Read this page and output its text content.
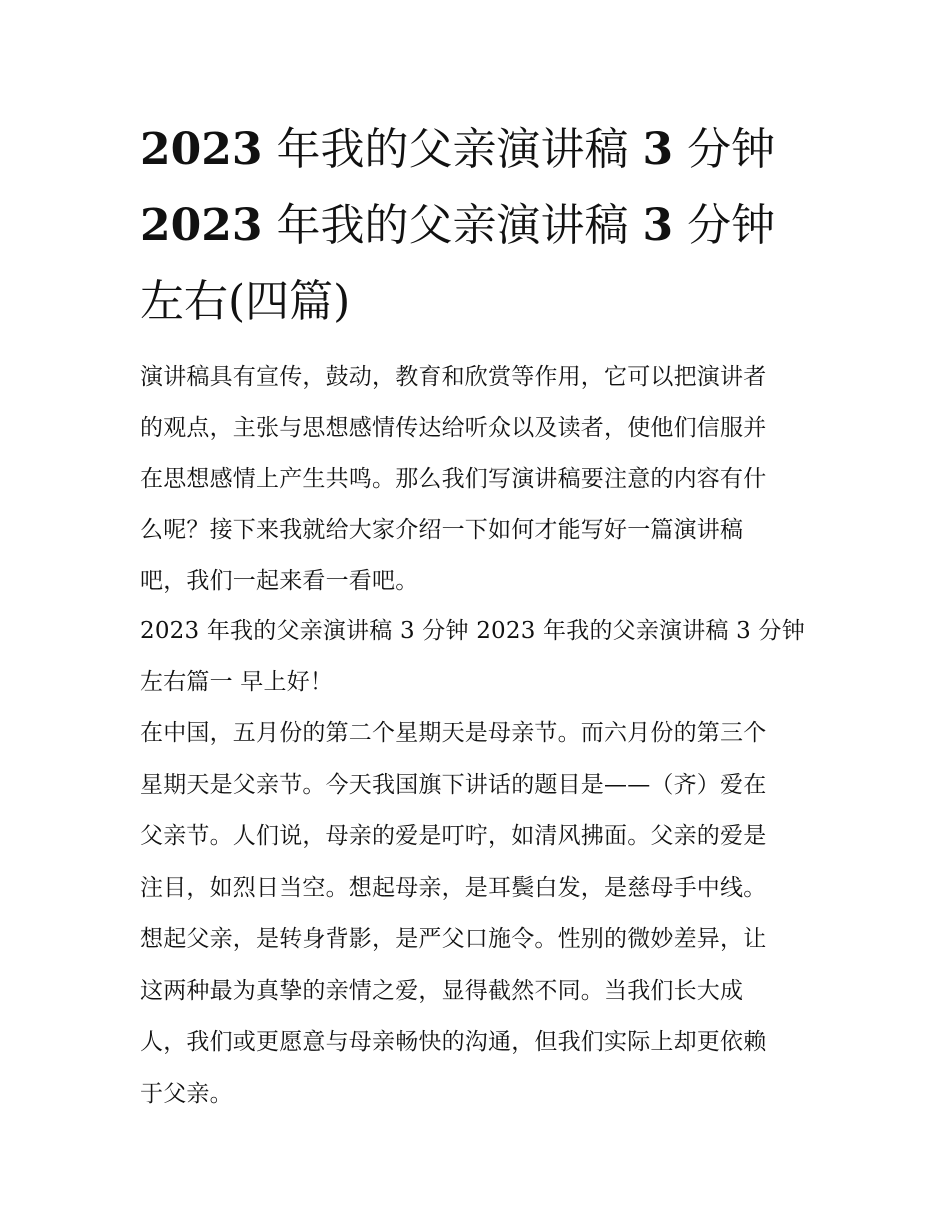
2023 年我的父亲演讲稿 3 分钟
2023 年我的父亲演讲稿 3 分钟
左右(四篇)
演讲稿具有宣传，鼓动，教育和欣赏等作用，它可以把演讲者
的观点，主张与思想感情传达给听众以及读者，使他们信服并
在思想感情上产生共鸣。那么我们写演讲稿要注意的内容有什
么呢？接下来我就给大家介绍一下如何才能写好一篇演讲稿
吧，我们一起来看一看吧。
2023 年我的父亲演讲稿 3 分钟 2023 年我的父亲演讲稿 3 分钟
左右篇一 早上好！
在中国，五月份的第二个星期天是母亲节。而六月份的第三个
星期天是父亲节。今天我国旗下讲话的题目是——（齐）爱在
父亲节。人们说，母亲的爱是叮咛，如清风拂面。父亲的爱是
注目，如烈日当空。想起母亲，是耳鬓白发，是慈母手中线。
想起父亲，是转身背影，是严父口施令。性别的微妙差异，让
这两种最为真挚的亲情之爱，显得截然不同。当我们长大成
人，我们或更愿意与母亲畅快的沟通，但我们实际上却更依赖
于父亲。
